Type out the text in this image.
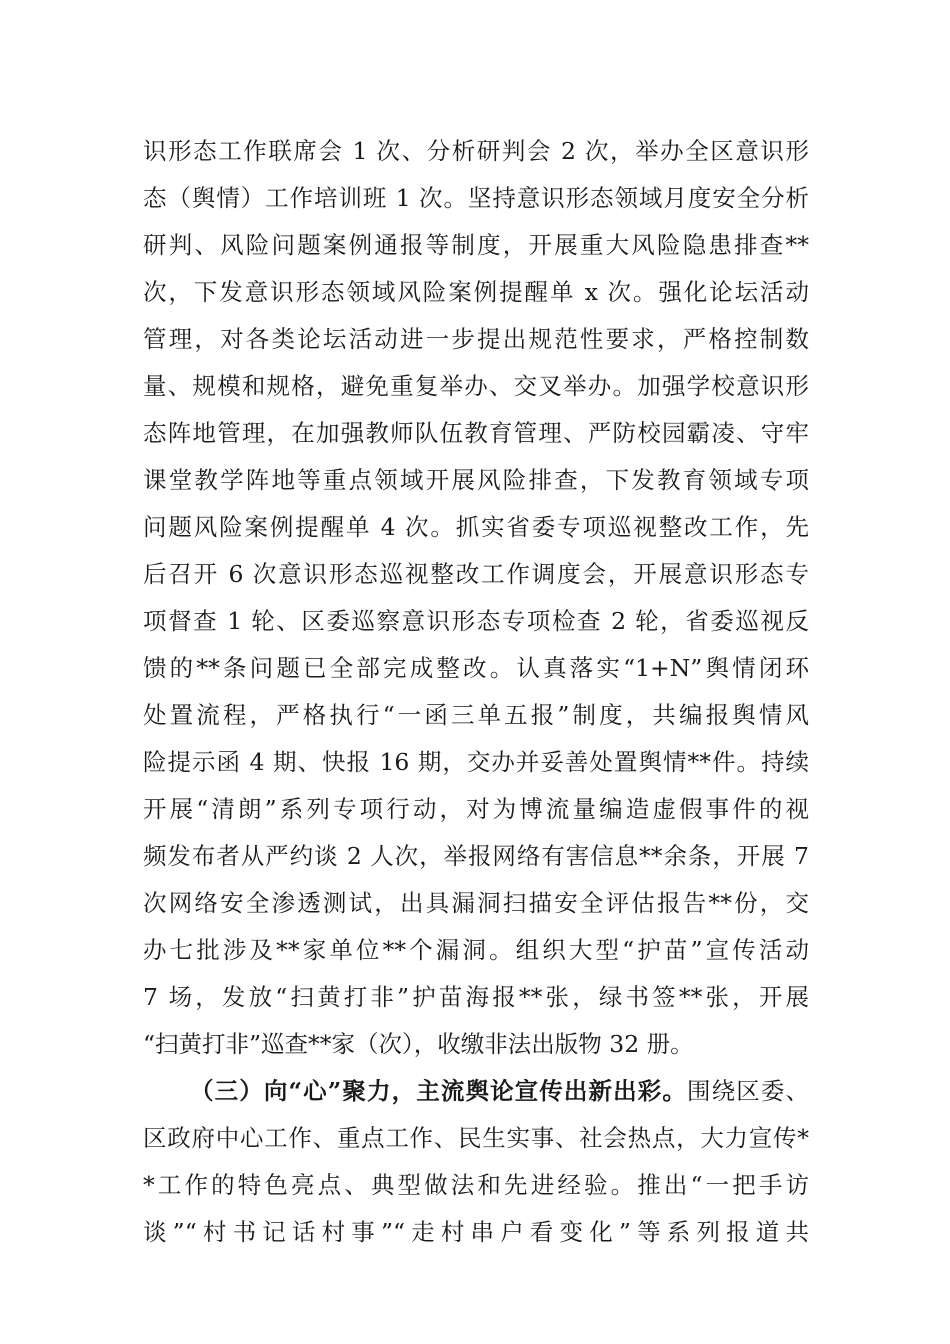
识形态工作联席会 1 次、分析研判会 2 次，举办全区意识形
态（舆情）工作培训班 1 次。坚持意识形态领域月度安全分析
研判、风险问题案例通报等制度，开展重大风险隐患排查**
次，下发意识形态领域风险案例提醒单 x 次。强化论坛活动
管理，对各类论坛活动进一步提出规范性要求，严格控制数
量、规模和规格，避免重复举办、交叉举办。加强学校意识形
态阵地管理，在加强教师队伍教育管理、严防校园霸凌、守牢
课堂教学阵地等重点领域开展风险排查，下发教育领域专项
问题风险案例提醒单 4 次。抓实省委专项巡视整改工作，先
后召开 6 次意识形态巡视整改工作调度会，开展意识形态专
项督查 1 轮、区委巡察意识形态专项检查 2 轮，省委巡视反
馈的**条问题已全部完成整改。认真落实“1+N”舆情闭环
处置流程，严格执行“一函三单五报”制度，共编报舆情风
险提示函 4 期、快报 16 期，交办并妥善处置舆情**件。持续
开展“清朗”系列专项行动，对为博流量编造虚假事件的视
频发布者从严约谈 2 人次，举报网络有害信息**余条，开展 7
次网络安全渗透测试，出具漏洞扫描安全评估报告**份，交
办七批涉及**家单位**个漏洞。组织大型“护苗”宣传活动
7 场，发放“扫黄打非”护苗海报**张，绿书签**张，开展
“扫黄打非”巡查**家（次），收缴非法出版物 32 册。
（三）向“心”聚力，主流舆论宣传出新出彩。围绕区委、
区政府中心工作、重点工作、民生实事、社会热点，大力宣传*
*工作的特色亮点、典型做法和先进经验。推出“一把手访
谈”“村书记话村事”“走村串户看变化”等系列报道共
